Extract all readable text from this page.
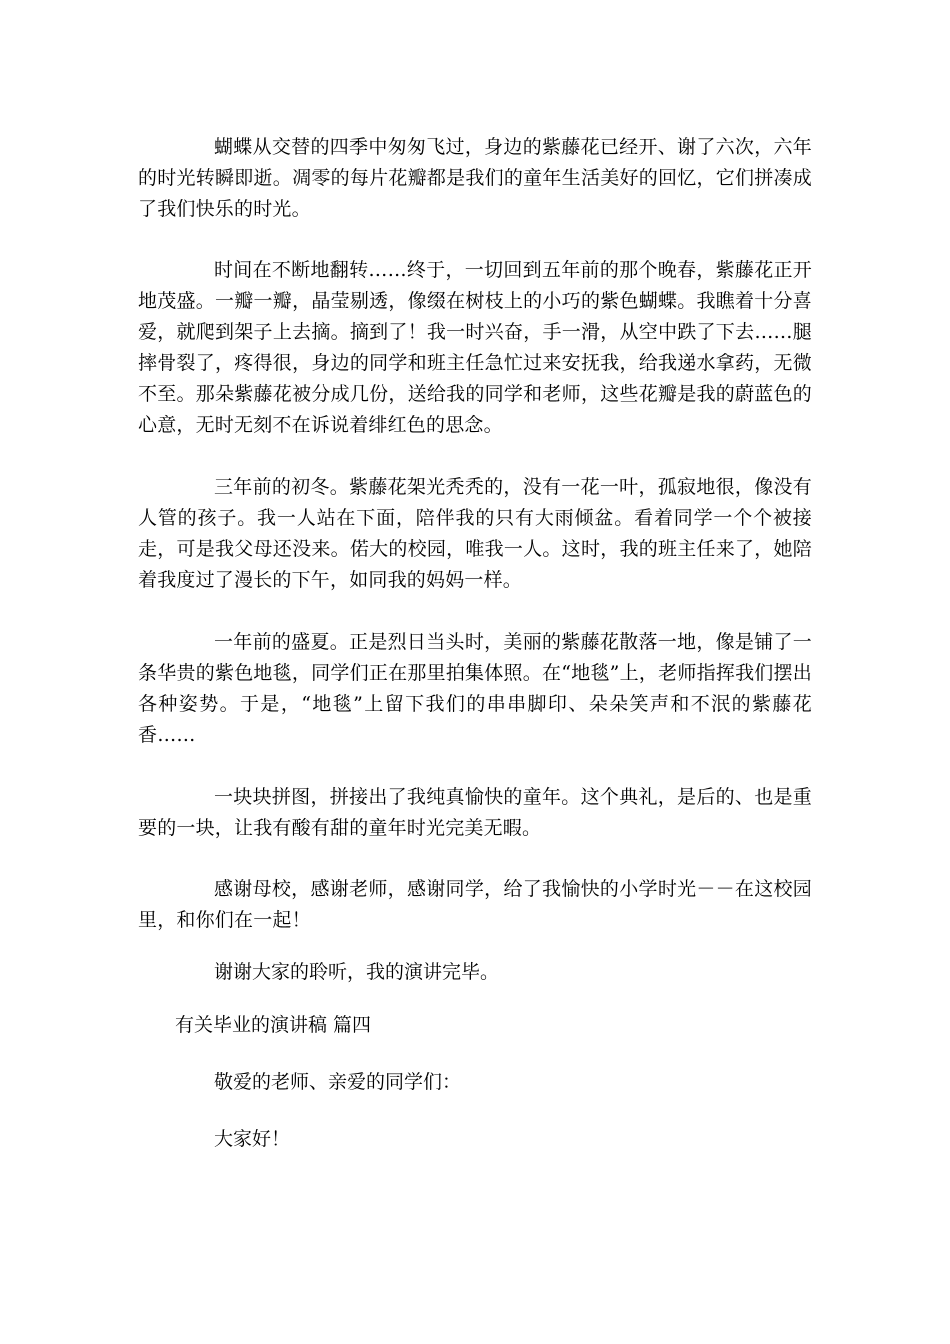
蝴蝶从交替的四季中匆匆飞过，身边的紫藤花已经开、谢了六次，六年的时光转瞬即逝。凋零的每片花瓣都是我们的童年生活美好的回忆，它们拼凑成了我们快乐的时光。

时间在不断地翻转……终于，一切回到五年前的那个晚春，紫藤花正开地茂盛。一瓣一瓣，晶莹剔透，像缀在树枝上的小巧的紫色蝴蝶。我瞧着十分喜爱，就爬到架子上去摘。摘到了！我一时兴奋，手一滑，从空中跌了下去……腿摔骨裂了，疼得很，身边的同学和班主任急忙过来安抚我，给我递水拿药，无微不至。那朵紫藤花被分成几份，送给我的同学和老师，这些花瓣是我的蔚蓝色的心意，无时无刻不在诉说着绯红色的思念。

三年前的初冬。紫藤花架光秃秃的，没有一花一叶，孤寂地很，像没有人管的孩子。我一人站在下面，陪伴我的只有大雨倾盆。看着同学一个个被接走，可是我父母还没来。偌大的校园，唯我一人。这时，我的班主任来了，她陪着我度过了漫长的下午，如同我的妈妈一样。

一年前的盛夏。正是烈日当头时，美丽的紫藤花散落一地，像是铺了一条华贵的紫色地毯，同学们正在那里拍集体照。在“地毯”上，老师指挥我们摆出各种姿势。于是，“地毯”上留下我们的串串脚印、朵朵笑声和不泯的紫藤花香……

一块块拼图，拼接出了我纯真愉快的童年。这个典礼，是后的、也是重要的一块，让我有酸有甜的童年时光完美无暇。

感谢母校，感谢老师，感谢同学，给了我愉快的小学时光－－在这校园里，和你们在一起！

谢谢大家的聆听，我的演讲完毕。

有关毕业的演讲稿 篇四

敬爱的老师、亲爱的同学们：

大家好！
